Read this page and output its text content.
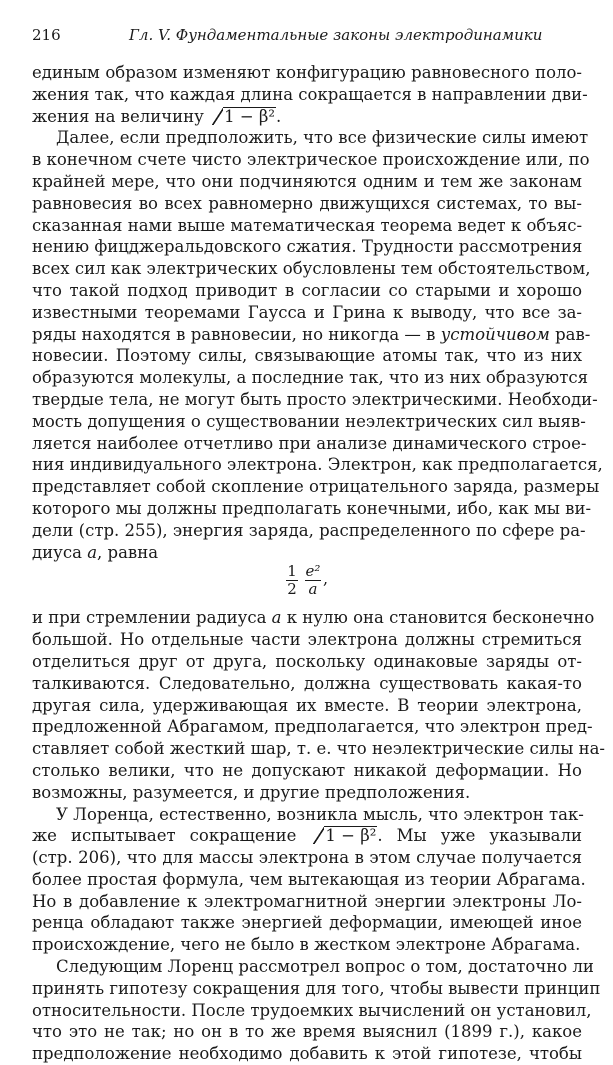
216	Гл. V. Фундаментальные законы электродинамики
единым образом изменяют конфигурацию равновесного поло-
жения так, что каждая длина сокращается в направлении дви-
жения на величину 1 − β².
Далее, если предположить, что все физические силы имеют
в конечном счете чисто электрическое происхождение или, по
крайней мере, что они подчиняются одним и тем же законам
равновесия во всех равномерно движущихся системах, то вы-
сказанная нами выше математическая теорема ведет к объяс-
нению фицджеральдовского сжатия. Трудности рассмотрения
всех сил как электрических обусловлены тем обстоятельством,
что такой подход приводит в согласии со старыми и хорошо
известными теоремами Гаусса и Грина к выводу, что все за-
ряды находятся в равновесии, но никогда — в устойчивом рав-
новесии. Поэтому силы, связывающие атомы так, что из них
образуются молекулы, а последние так, что из них образуются
твердые тела, не могут быть просто электрическими. Необходи-
мость допущения о существовании неэлектрических сил выяв-
ляется наиболее отчетливо при анализе динамического строе-
ния индивидуального электрона. Электрон, как предполагается,
представляет собой скопление отрицательного заряда, размеры
которого мы должны предполагать конечными, ибо, как мы ви-
дели (стр. 255), энергия заряда, распределенного по сфере ра-
диуса a, равна
$\frac{1}{2} \frac{\text{e²}}{a}$ ,
и при стремлении радиуса a к нулю она становится бесконечно
большой. Но отдельные части электрона должны стремиться
отделиться друг от друга, поскольку одинаковые заряды от-
талкиваются. Следовательно, должна существовать какая-то
другая сила, удерживающая их вместе. В теории электрона,
предложенной Абрагамом, предполагается, что электрон пред-
ставляет собой жесткий шар, т. е. что неэлектрические силы на-
столько велики, что не допускают никакой деформации. Но
возможны, разумеется, и другие предположения.
У Лоренца, естественно, возникла мысль, что электрон так-
же испытывает сокращение 1 − β². Мы уже указывали
(стр. 206), что для массы электрона в этом случае получается
более простая формула, чем вытекающая из теории Абрагама.
Но в добавление к электромагнитной энергии электроны Ло-
ренца обладают также энергией деформации, имеющей иное
происхождение, чего не было в жестком электроне Абрагама.
Следующим Лоренц рассмотрел вопрос о том, достаточно ли
принять гипотезу сокращения для того, чтобы вывести принцип
относительности. После трудоемких вычислений он установил,
что это не так; но он в то же время выяснил (1899 г.), какое
предположение необходимо добавить к этой гипотезе, чтобы
